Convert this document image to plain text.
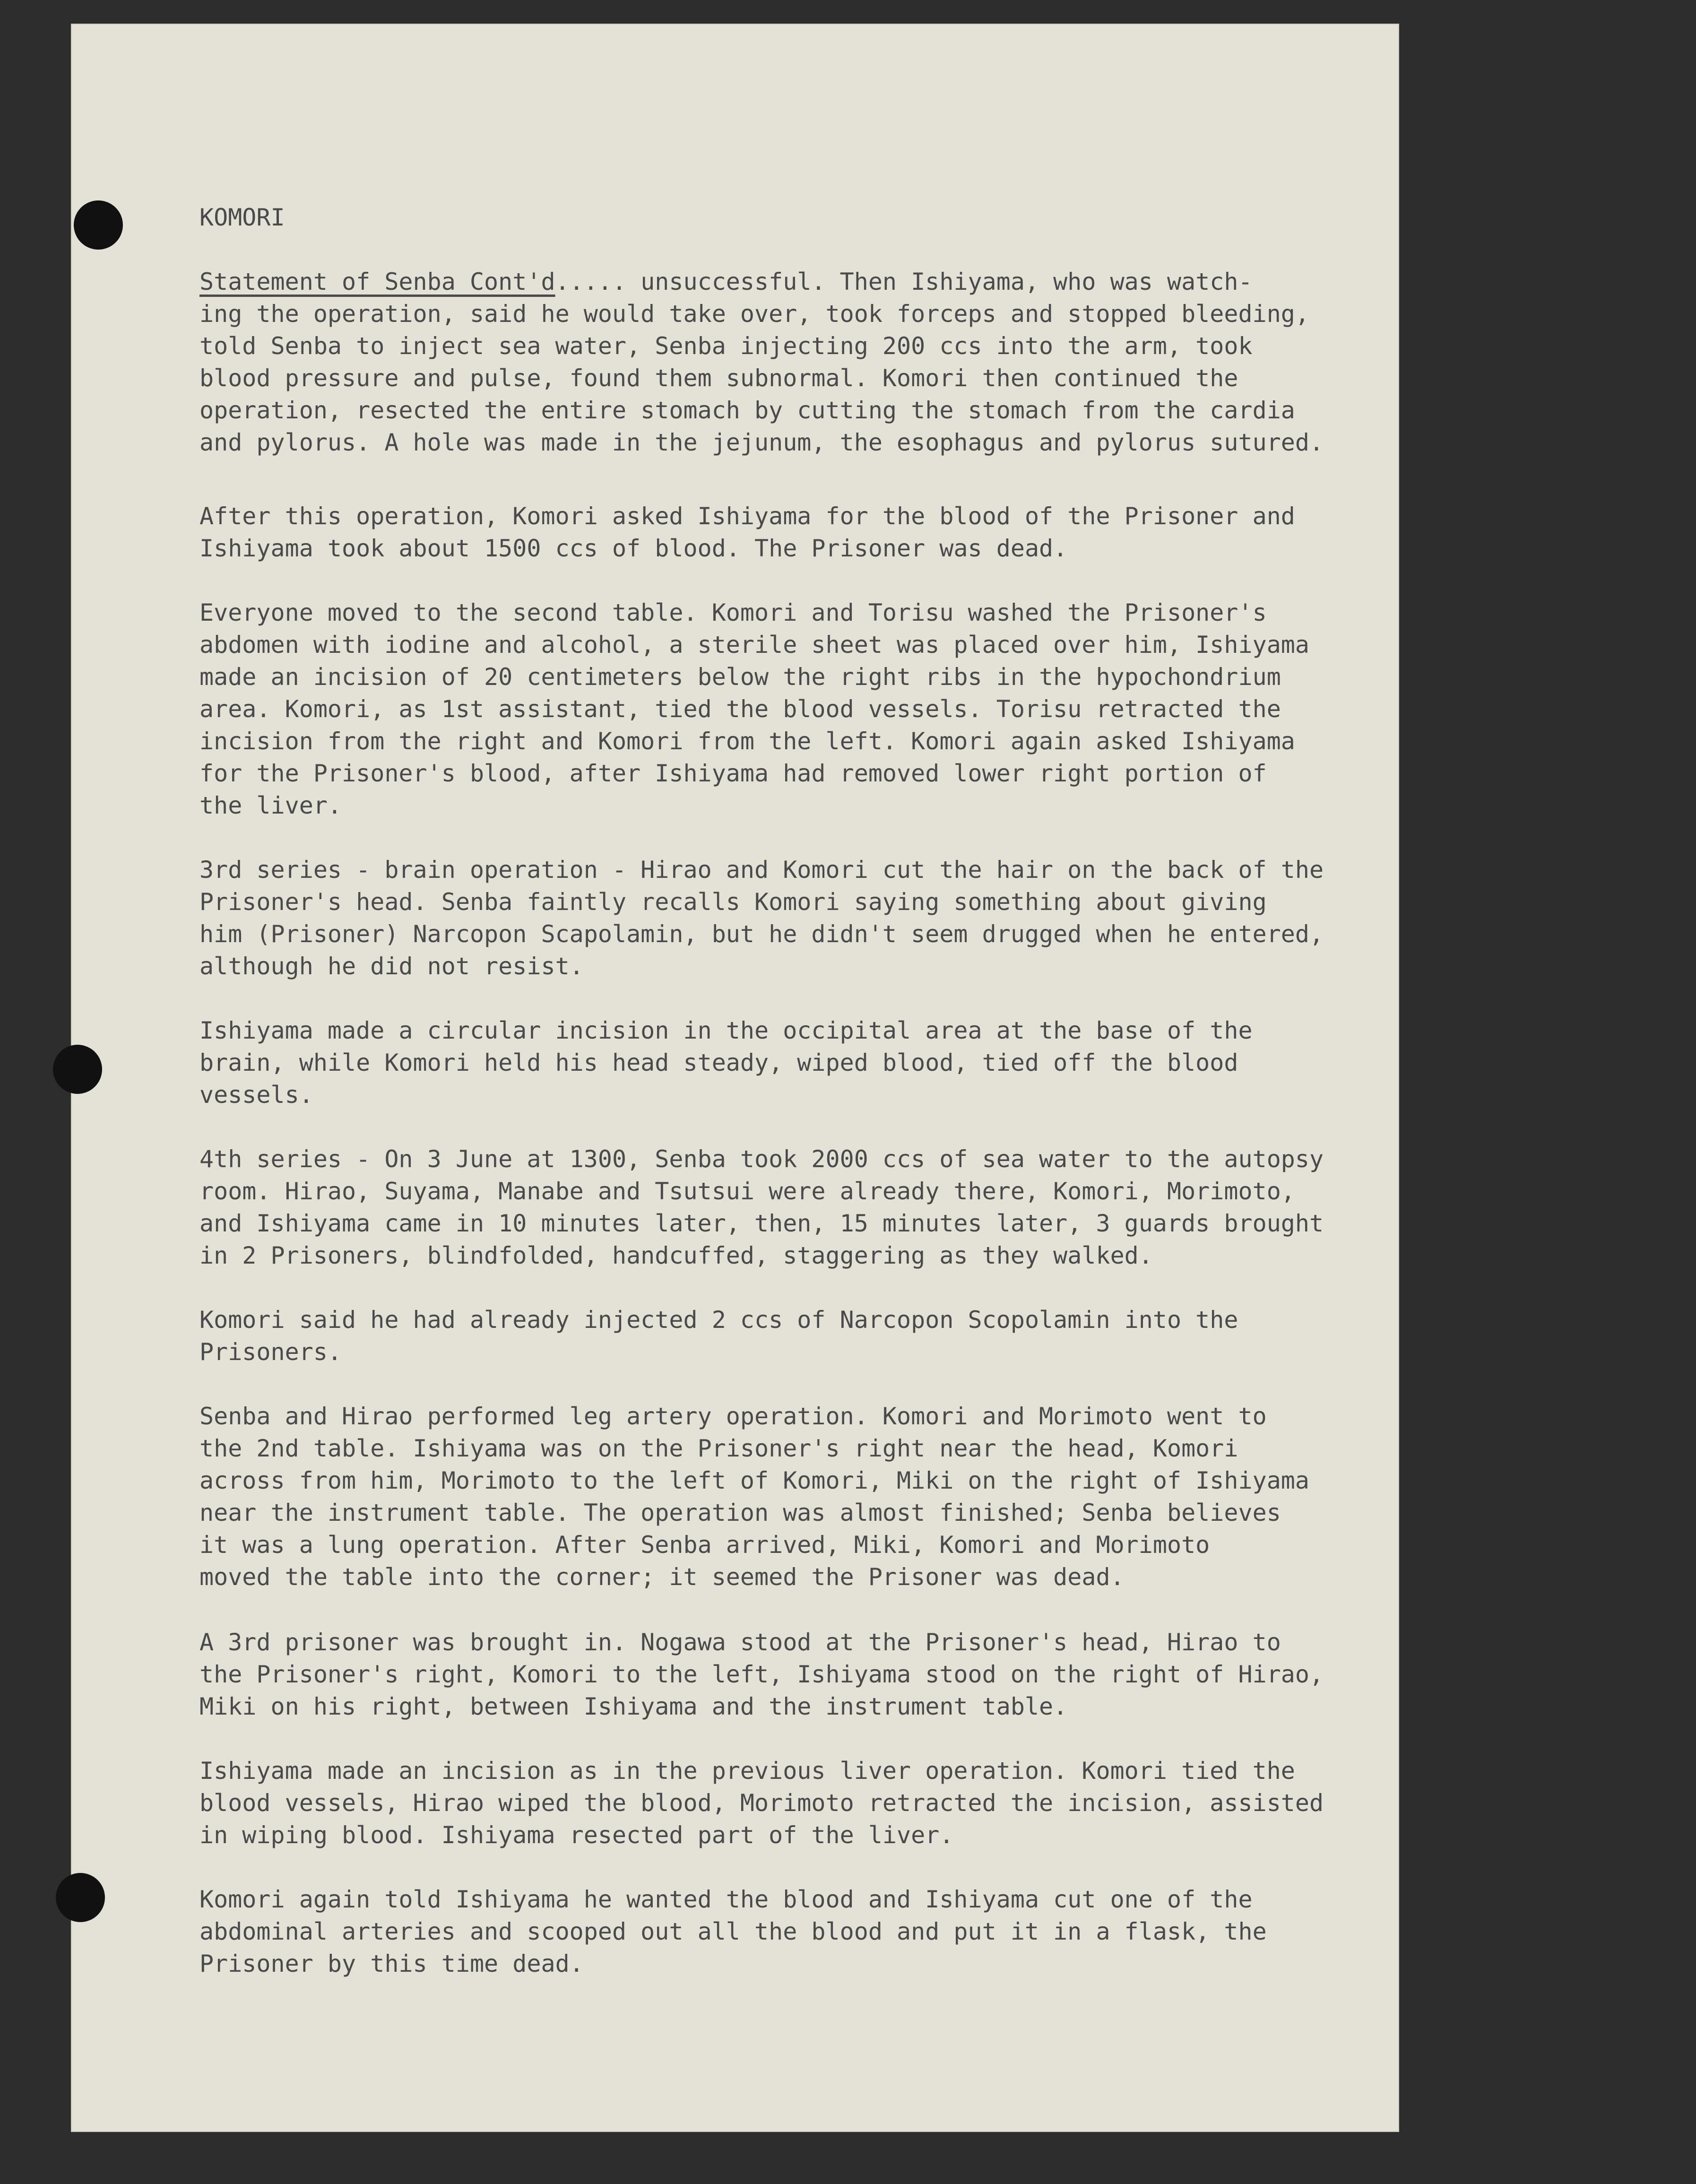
KOMORI

Statement of Senba Cont'd..... unsuccessful. Then Ishiyama, who was watch-
ing the operation, said he would take over, took forceps and stopped bleeding,
told Senba to inject sea water, Senba injecting 200 ccs into the arm, took
blood pressure and pulse, found them subnormal. Komori then continued the
operation, resected the entire stomach by cutting the stomach from the cardia
and pylorus. A hole was made in the jejunum, the esophagus and pylorus sutured.

After this operation, Komori asked Ishiyama for the blood of the Prisoner and
Ishiyama took about 1500 ccs of blood. The Prisoner was dead.

Everyone moved to the second table. Komori and Torisu washed the Prisoner's
abdomen with iodine and alcohol, a sterile sheet was placed over him, Ishiyama
made an incision of 20 centimeters below the right ribs in the hypochondrium
area. Komori, as 1st assistant, tied the blood vessels. Torisu retracted the
incision from the right and Komori from the left. Komori again asked Ishiyama
for the Prisoner's blood, after Ishiyama had removed lower right portion of
the liver.

3rd series - brain operation - Hirao and Komori cut the hair on the back of the
Prisoner's head. Senba faintly recalls Komori saying something about giving
him (Prisoner) Narcopon Scapolamin, but he didn't seem drugged when he entered,
although he did not resist.

Ishiyama made a circular incision in the occipital area at the base of the
brain, while Komori held his head steady, wiped blood, tied off the blood
vessels.

4th series - On 3 June at 1300, Senba took 2000 ccs of sea water to the autopsy
room. Hirao, Suyama, Manabe and Tsutsui were already there, Komori, Morimoto,
and Ishiyama came in 10 minutes later, then, 15 minutes later, 3 guards brought
in 2 Prisoners, blindfolded, handcuffed, staggering as they walked.

Komori said he had already injected 2 ccs of Narcopon Scopolamin into the
Prisoners.

Senba and Hirao performed leg artery operation. Komori and Morimoto went to
the 2nd table. Ishiyama was on the Prisoner's right near the head, Komori
across from him, Morimoto to the left of Komori, Miki on the right of Ishiyama
near the instrument table. The operation was almost finished; Senba believes
it was a lung operation. After Senba arrived, Miki, Komori and Morimoto
moved the table into the corner; it seemed the Prisoner was dead.

A 3rd prisoner was brought in. Nogawa stood at the Prisoner's head, Hirao to
the Prisoner's right, Komori to the left, Ishiyama stood on the right of Hirao,
Miki on his right, between Ishiyama and the instrument table.

Ishiyama made an incision as in the previous liver operation. Komori tied the
blood vessels, Hirao wiped the blood, Morimoto retracted the incision, assisted
in wiping blood. Ishiyama resected part of the liver.

Komori again told Ishiyama he wanted the blood and Ishiyama cut one of the
abdominal arteries and scooped out all the blood and put it in a flask, the
Prisoner by this time dead.
